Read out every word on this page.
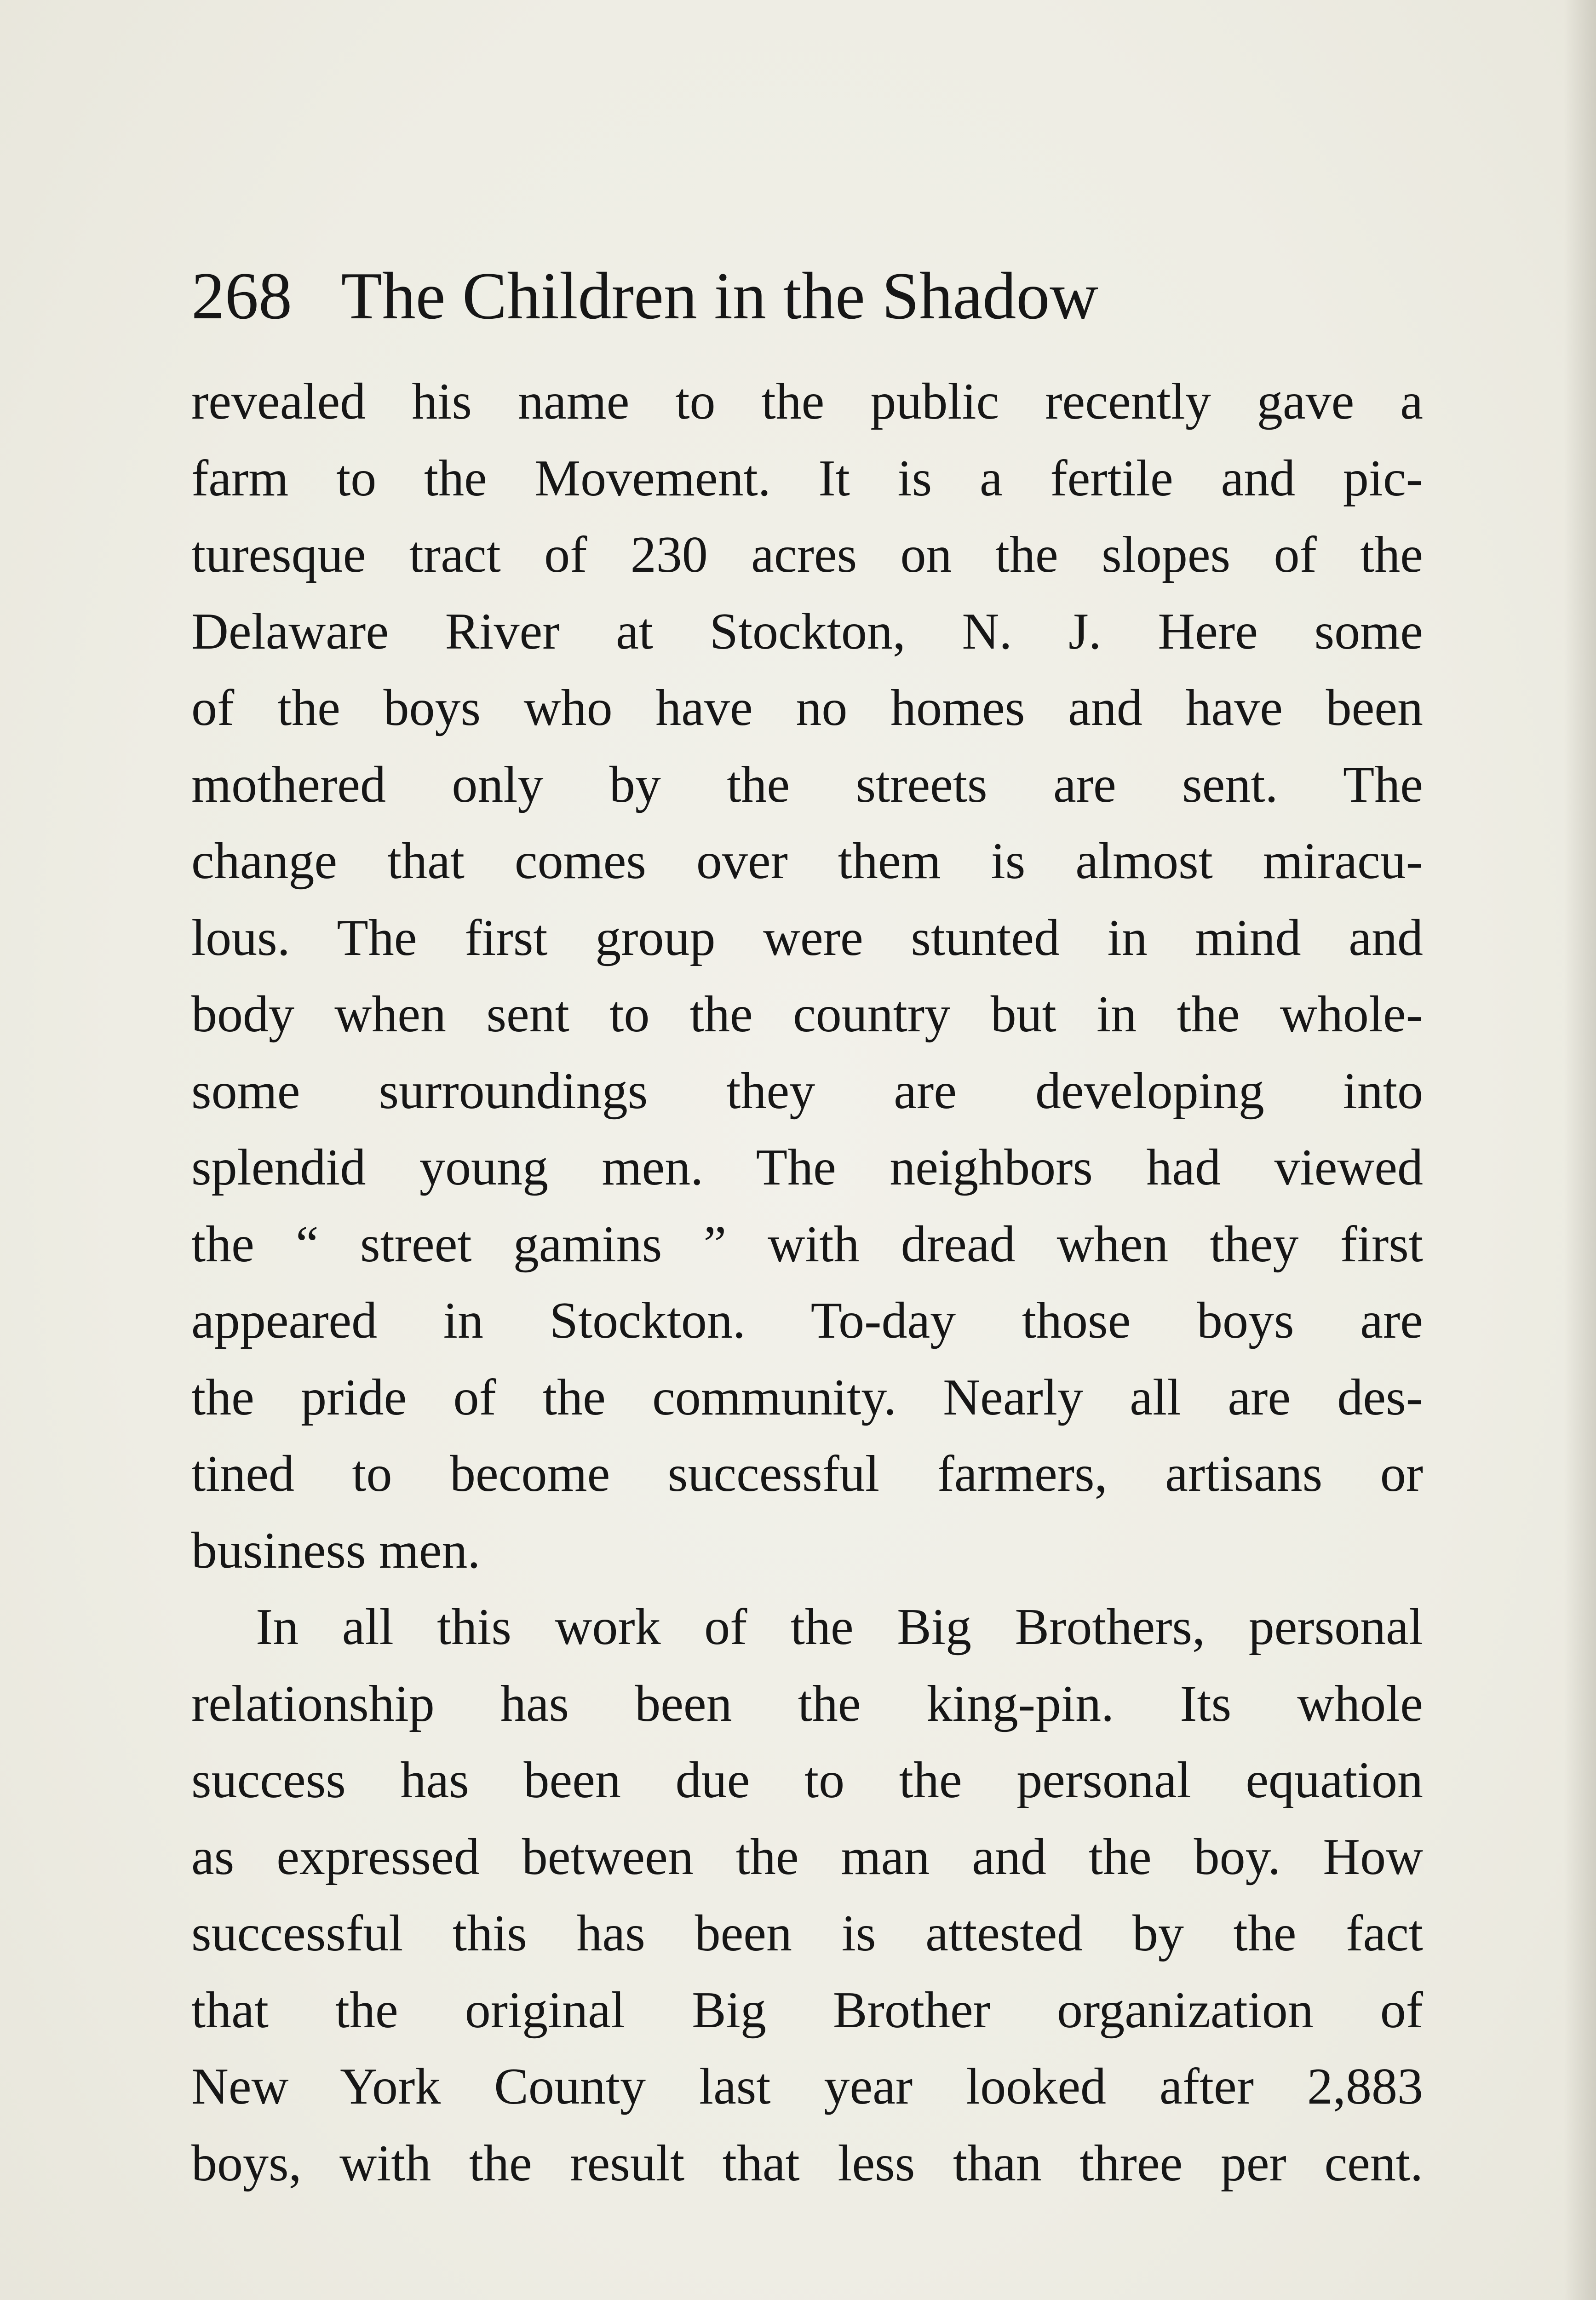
268 The Children in the Shadow
revealed his name to the public recently gave a
farm to the Movement. It is a fertile and pic-
turesque tract of 230 acres on the slopes of the
Delaware River at Stockton, N. J. Here some
of the boys who have no homes and have been
mothered only by the streets are sent. The
change that comes over them is almost miracu-
lous. The first group were stunted in mind and
body when sent to the country but in the whole-
some surroundings they are developing into
splendid young men. The neighbors had viewed
the “ street gamins ” with dread when they first
appeared in Stockton. To-day those boys are
the pride of the community. Nearly all are des-
tined to become successful farmers, artisans or
business men.
In all this work of the Big Brothers, personal
relationship has been the king-pin. Its whole
success has been due to the personal equation
as expressed between the man and the boy. How
successful this has been is attested by the fact
that the original Big Brother organization of
New York County last year looked after 2,883
boys, with the result that less than three per cent.
